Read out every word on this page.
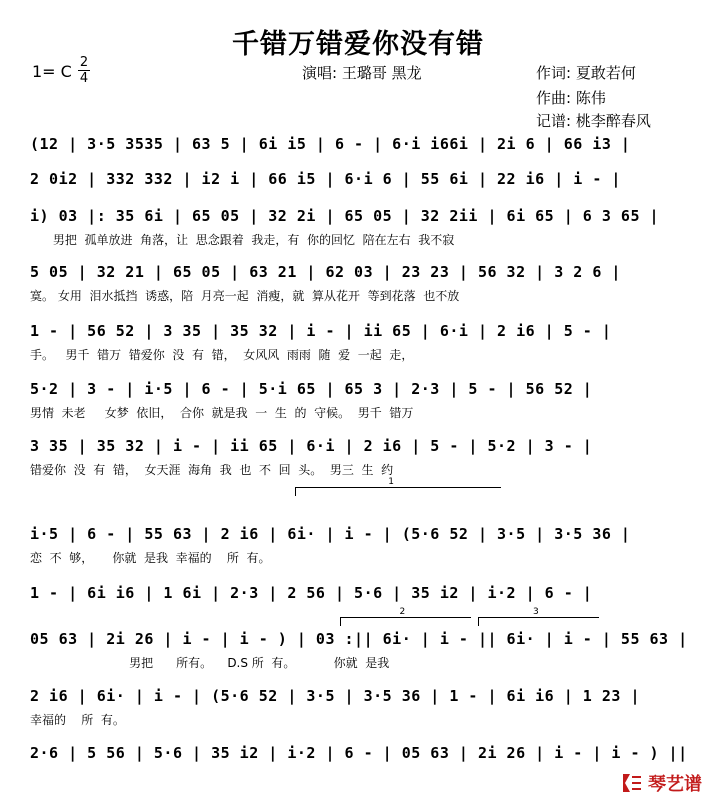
千错万错爱你没有错
1= C 2
4	演唱: 王璐哥 黑龙	作词: 夏敢若何
作曲: 陈伟
记谱: 桃李醉春风
(12 | 3·5 3535 | 63 5 | 6i i5 | 6 - | 6·i i66i | 2i 6 | 66 i3 |
2 0i2 | 332 332 | i2 i | 66 i5 | 6·i 6 | 55 6i | 22 i6 | i - |
i) 03 |: 35 6i | 65 05 | 32 2i | 65 05 | 32 2ii | 6i 65 | 6 3 65 |
男把  孤单放进  角落，让  思念跟着  我走，有  你的回忆  陪在左右  我不寂
5 05 | 32 21 | 65 05 | 63 21 | 62 03 | 23 23 | 56 32 | 3 2 6 |
寞。 女用  泪水抵挡  诱惑，陪  月亮一起  消瘦，就  算从花开  等到花落  也不放
1 - | 56 52 | 3 35 | 35 32 | i - | ii 65 | 6·i | 2 i6 | 5 - |
手。   男千  错万  错爱你  没  有  错，  女风风  雨雨  随  爱  一起  走，
5·2 | 3 - | i·5 | 6 - | 5·i 65 | 65 3 | 2·3 | 5 - | 56 52 |
男情  未老     女梦  依旧，  合你  就是我  一  生  的  守候。  男千  错万
3 35 | 35 32 | i - | ii 65 | 6·i | 2 i6 | 5 - | 5·2 | 3 - |
错爱你  没  有  错，  女天涯  海角  我  也  不  回  头。  男三  生  约
1
i·5 | 6 - | 55 63 | 2 i6 | 6i· | i - | (5·6 52 | 3·5 | 3·5 36 |
恋  不  够，     你就  是我  幸福的    所  有。
1 - | 6i i6 | 1 6i | 2·3 | 2 56 | 5·6 | 35 i2 | i·2 | 6 - |
2	3
05 63 | 2i 26 | i - | i - ) | 03 :|| 6i· | i - || 6i· | i - | 55 63 |
男把      所有。    D.S 所  有。          你就  是我
2 i6 | 6i· | i - | (5·6 52 | 3·5 | 3·5 36 | 1 - | 6i i6 | 1 23 |
幸福的    所  有。
2·6 | 5 56 | 5·6 | 35 i2 | i·2 | 6 - | 05 63 | 2i 26 | i - | i - ) ||
琴艺谱
